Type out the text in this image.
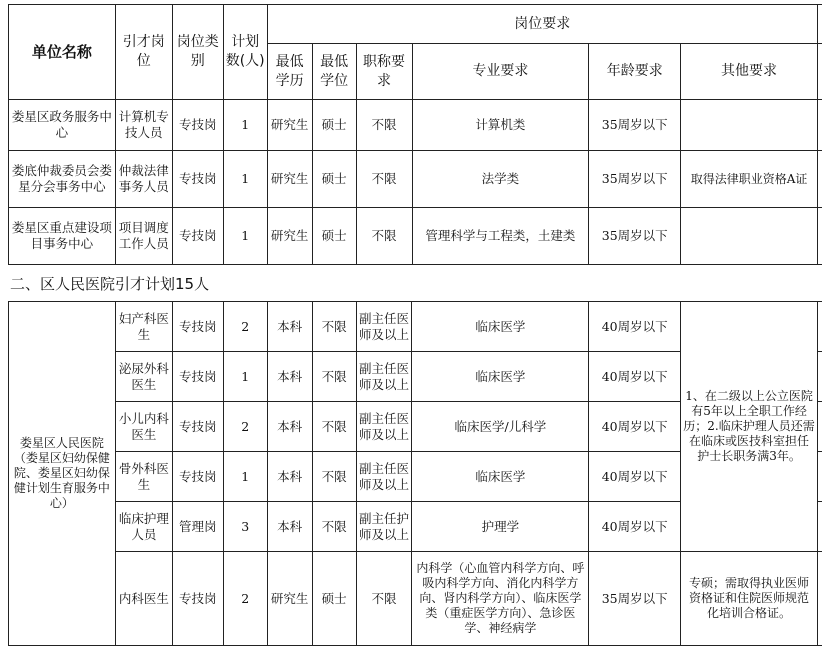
单位名称	引才岗位	岗位类别	计划数(人)	岗位要求						
				最低学历	最低学位	职称要求	专业要求	年龄要求	其他要求	
娄星区政务服务中心	计算机专技人员	专技岗	1	研究生	硕士	不限	计算机类	35周岁以下		
娄底仲裁委员会娄星分会事务中心	仲裁法律事务人员	专技岗	1	研究生	硕士	不限	法学类	35周岁以下	取得法律职业资格A证	
娄星区重点建设项目事务中心	项目调度工作人员	专技岗	1	研究生	硕士	不限	管理科学与工程类，土建类	35周岁以下		
二、区人民医院引才计划15人
娄星区人民医院（娄星区妇幼保健院、娄星区妇幼保健计划生育服务中心）	妇产科医生	专技岗	2	本科	不限	副主任医师及以上	临床医学	40周岁以下	1、在二级以上公立医院有5年以上全职工作经历；2.临床护理人员还需在临床或医技科室担任护士长职务满3年。	
	泌尿外科医生	专技岗	1	本科	不限	副主任医师及以上	临床医学	40周岁以下		
	小儿内科医生	专技岗	2	本科	不限	副主任医师及以上	临床医学/儿科学	40周岁以下		
	骨外科医生	专技岗	1	本科	不限	副主任医师及以上	临床医学	40周岁以下		
	临床护理人员	管理岗	3	本科	不限	副主任护师及以上	护理学	40周岁以下		
	内科医生	专技岗	2	研究生	硕士	不限	内科学（心血管内科学方向、呼吸内科学方向、消化内科学方向、肾内科学方向）、临床医学类（重症医学方向）、急诊医学、神经病学	35周岁以下	专硕；需取得执业医师资格证和住院医师规范化培训合格证。	
